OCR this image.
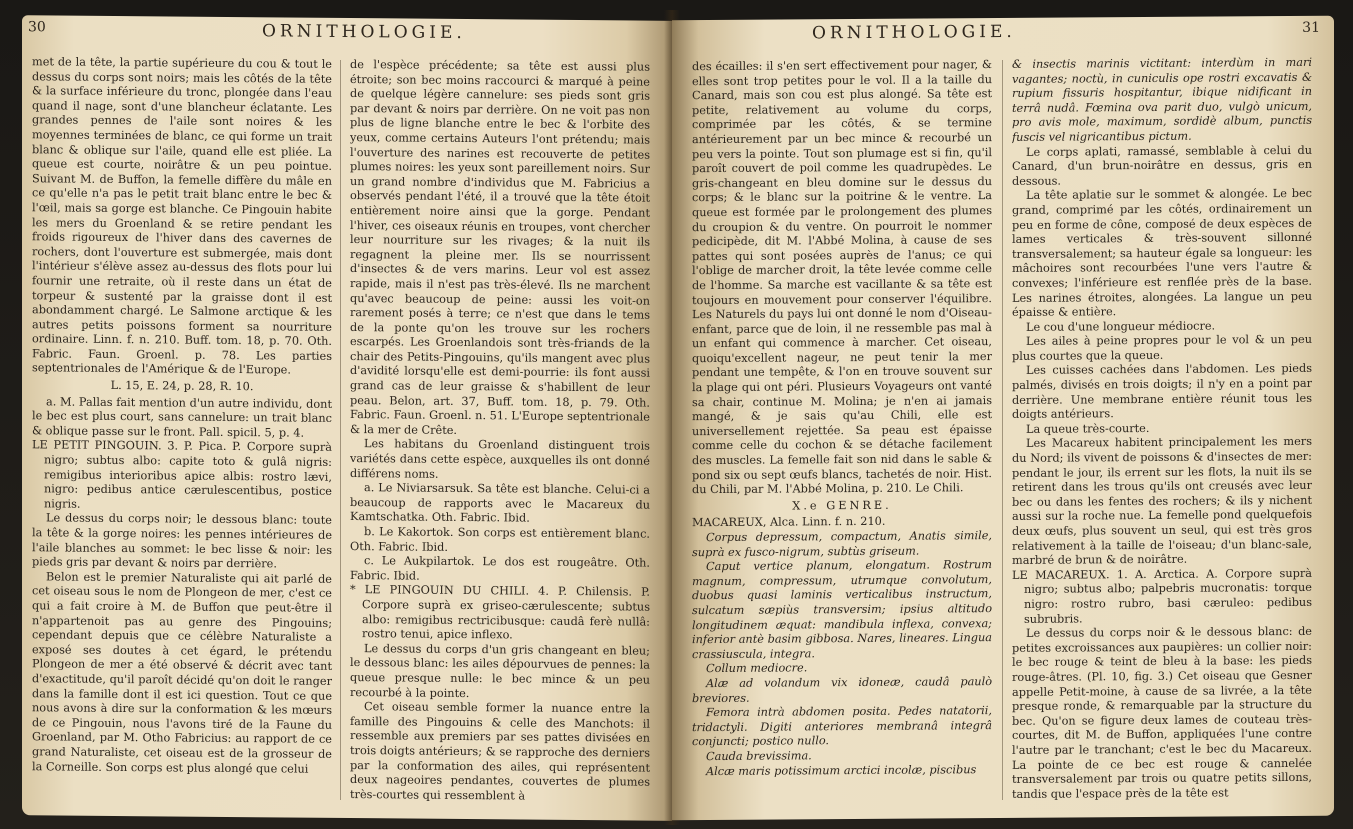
30	ORNITHOLOGIE.

met de la tête, la partie supérieure du cou & tout le dessus du corps sont noirs; mais les côtés de la tête & la surface inférieure du tronc, plongée dans l'eau quand il nage, sont d'une blancheur éclatante. Les grandes pennes de l'aile sont noires & les moyennes terminées de blanc, ce qui forme un trait blanc & oblique sur l'aile, quand elle est pliée. La queue est courte, noirâtre & un peu pointue. Suivant M. de Buffon, la femelle diffère du mâle en ce qu'elle n'a pas le petit trait blanc entre le bec & l'œil, mais sa gorge est blanche. Ce Pingouin habite les mers du Groenland & se retire pendant les froids rigoureux de l'hiver dans des cavernes de rochers, dont l'ouverture est submergée, mais dont l'intérieur s'élève assez au-dessus des flots pour lui fournir une retraite, où il reste dans un état de torpeur & sustenté par la graisse dont il est abondamment chargé. Le Salmone arctique & les autres petits poissons forment sa nourriture ordinaire. Linn. f. n. 210. Buff. tom. 18, p. 70. Oth. Fabric. Faun. Groenl. p. 78. Les parties septentrionales de l'Amérique & de l'Europe.

L. 15, E. 24, p. 28, R. 10.

a. M. Pallas fait mention d'un autre individu, dont le bec est plus court, sans cannelure: un trait blanc & oblique passe sur le front. Pall. spicil. 5, p. 4.

LE PETIT PINGOUIN. 3. P. Pica. P. Corpore suprà nigro; subtus albo: capite toto & gulâ nigris: remigibus interioribus apice albis: rostro lævi, nigro: pedibus antice cærulescentibus, postice nigris.

Le dessus du corps noir; le dessous blanc: toute la tête & la gorge noires: les pennes intérieures de l'aile blanches au sommet: le bec lisse & noir: les pieds gris par devant & noirs par derrière.

Belon est le premier Naturaliste qui ait parlé de cet oiseau sous le nom de Plongeon de mer, c'est ce qui a fait croire à M. de Buffon que peut-être il n'appartenoit pas au genre des Pingouins; cependant depuis que ce célèbre Naturaliste a exposé ses doutes à cet égard, le prétendu Plongeon de mer a été observé & décrit avec tant d'exactitude, qu'il paroît décidé qu'on doit le ranger dans la famille dont il est ici question. Tout ce que nous avons à dire sur la conformation & les mœurs de ce Pingouin, nous l'avons tiré de la Faune du Groenland, par M. Otho Fabricius: au rapport de ce grand Naturaliste, cet oiseau est de la grosseur de la Corneille. Son corps est plus alongé que celui

de l'espèce précédente; sa tête est aussi plus étroite; son bec moins raccourci & marqué à peine de quelque légère cannelure: ses pieds sont gris par devant & noirs par derrière. On ne voit pas non plus de ligne blanche entre le bec & l'orbite des yeux, comme certains Auteurs l'ont prétendu; mais l'ouverture des narines est recouverte de petites plumes noires: les yeux sont pareillement noirs. Sur un grand nombre d'individus que M. Fabricius a observés pendant l'été, il a trouvé que la tête étoit entièrement noire ainsi que la gorge. Pendant l'hiver, ces oiseaux réunis en troupes, vont chercher leur nourriture sur les rivages; & la nuit ils regagnent la pleine mer. Ils se nourrissent d'insectes & de vers marins. Leur vol est assez rapide, mais il n'est pas très-élevé. Ils ne marchent qu'avec beaucoup de peine: aussi les voit-on rarement posés à terre; ce n'est que dans le tems de la ponte qu'on les trouve sur les rochers escarpés. Les Groenlandois sont très-friands de la chair des Petits-Pingouins, qu'ils mangent avec plus d'avidité lorsqu'elle est demi-pourrie: ils font aussi grand cas de leur graisse & s'habillent de leur peau. Belon, art. 37, Buff. tom. 18, p. 79. Oth. Fabric. Faun. Groenl. n. 51. L'Europe septentrionale & la mer de Crête.

Les habitans du Groenland distinguent trois variétés dans cette espèce, auxquelles ils ont donné différens noms.

a. Le Niviarsarsuk. Sa tête est blanche. Celui-ci a beaucoup de rapports avec le Macareux du Kamtschatka. Oth. Fabric. Ibid.

b. Le Kakortok. Son corps est entièrement blanc. Oth. Fabric. Ibid.

c. Le Aukpilartok. Le dos est rougeâtre. Oth. Fabric. Ibid.

* LE PINGOUIN DU CHILI. 4. P. Chilensis. P. Corpore suprà ex griseo-cærulescente; subtus albo: remigibus rectricibusque: caudâ ferè nullâ: rostro tenui, apice inflexo.

Le dessus du corps d'un gris changeant en bleu; le dessous blanc: les ailes dépourvues de pennes: la queue presque nulle: le bec mince & un peu recourbé à la pointe.

Cet oiseau semble former la nuance entre la famille des Pingouins & celle des Manchots: il ressemble aux premiers par ses pattes divisées en trois doigts antérieurs; & se rapproche des derniers par la conformation des ailes, qui représentent deux nageoires pendantes, couvertes de plumes très-courtes qui ressemblent à

ORNITHOLOGIE.	31

des écailles: il s'en sert effectivement pour nager, & elles sont trop petites pour le vol. Il a la taille du Canard, mais son cou est plus alongé. Sa tête est petite, relativement au volume du corps, comprimée par les côtés, & se termine antérieurement par un bec mince & recourbé un peu vers la pointe. Tout son plumage est si fin, qu'il paroît couvert de poil comme les quadrupèdes. Le gris-changeant en bleu domine sur le dessus du corps; & le blanc sur la poitrine & le ventre. La queue est formée par le prolongement des plumes du croupion & du ventre. On pourroit le nommer pedicipède, dit M. l'Abbé Molina, à cause de ses pattes qui sont posées auprès de l'anus; ce qui l'oblige de marcher droit, la tête levée comme celle de l'homme. Sa marche est vacillante & sa tête est toujours en mouvement pour conserver l'équilibre. Les Naturels du pays lui ont donné le nom d'Oiseau-enfant, parce que de loin, il ne ressemble pas mal à un enfant qui commence à marcher. Cet oiseau, quoiqu'excellent nageur, ne peut tenir la mer pendant une tempête, & l'on en trouve souvent sur la plage qui ont péri. Plusieurs Voyageurs ont vanté sa chair, continue M. Molina; je n'en ai jamais mangé, & je sais qu'au Chili, elle est universellement rejettée. Sa peau est épaisse comme celle du cochon & se détache facilement des muscles. La femelle fait son nid dans le sable & pond six ou sept œufs blancs, tachetés de noir. Hist. du Chili, par M. l'Abbé Molina, p. 210. Le Chili.

X.e GENRE.

MACAREUX, Alca. Linn. f. n. 210.

Corpus depressum, compactum, Anatis simile, suprà ex fusco-nigrum, subtùs griseum.

Caput vertice planum, elongatum. Rostrum magnum, compressum, utrumque convolutum, duobus quasi laminis verticalibus instructum, sulcatum sæpiùs transversim; ipsius altitudo longitudinem æquat: mandibula inflexa, convexa; inferior antè basim gibbosa. Nares, lineares. Lingua crassiuscula, integra.

Collum mediocre.

Alæ ad volandum vix idoneæ, caudâ paulò breviores.

Femora intrà abdomen posita. Pedes natatorii, tridactyli. Digiti anteriores membranâ integrâ conjuncti; postico nullo.

Cauda brevissima.

Alcæ maris potissimum arctici incolæ, piscibus

& insectis marinis victitant: interdùm in mari vagantes; noctù, in cuniculis ope rostri excavatis & rupium fissuris hospitantur, ibique nidificant in terrâ nudâ. Fœmina ova parit duo, vulgò unicum, pro avis mole, maximum, sordidè album, punctis fuscis vel nigricantibus pictum.

Le corps aplati, ramassé, semblable à celui du Canard, d'un brun-noirâtre en dessus, gris en dessous.

La tête aplatie sur le sommet & alongée. Le bec grand, comprimé par les côtés, ordinairement un peu en forme de cône, composé de deux espèces de lames verticales & très-souvent sillonné transversalement; sa hauteur égale sa longueur: les mâchoires sont recourbées l'une vers l'autre & convexes; l'inférieure est renflée près de la base. Les narines étroites, alongées. La langue un peu épaisse & entière.

Le cou d'une longueur médiocre.

Les ailes à peine propres pour le vol & un peu plus courtes que la queue.

Les cuisses cachées dans l'abdomen. Les pieds palmés, divisés en trois doigts; il n'y en a point par derrière. Une membrane entière réunit tous les doigts antérieurs.

La queue très-courte.

Les Macareux habitent principalement les mers du Nord; ils vivent de poissons & d'insectes de mer: pendant le jour, ils errent sur les flots, la nuit ils se retirent dans les trous qu'ils ont creusés avec leur bec ou dans les fentes des rochers; & ils y nichent aussi sur la roche nue. La femelle pond quelquefois deux œufs, plus souvent un seul, qui est très gros relativement à la taille de l'oiseau; d'un blanc-sale, marbré de brun & de noirâtre.

LE MACAREUX. 1. A. Arctica. A. Corpore suprà nigro; subtus albo; palpebris mucronatis: torque nigro: rostro rubro, basi cæruleo: pedibus subrubris.

Le dessus du corps noir & le dessous blanc: de petites excroissances aux paupières: un collier noir: le bec rouge & teint de bleu à la base: les pieds rouge-âtres. (Pl. 10, fig. 3.) Cet oiseau que Gesner appelle Petit-moine, à cause de sa livrée, a la tête presque ronde, & remarquable par la structure du bec. Qu'on se figure deux lames de couteau très-courtes, dit M. de Buffon, appliquées l'une contre l'autre par le tranchant; c'est le bec du Macareux. La pointe de ce bec est rouge & cannelée transversalement par trois ou quatre petits sillons, tandis que l'espace près de la tête est
